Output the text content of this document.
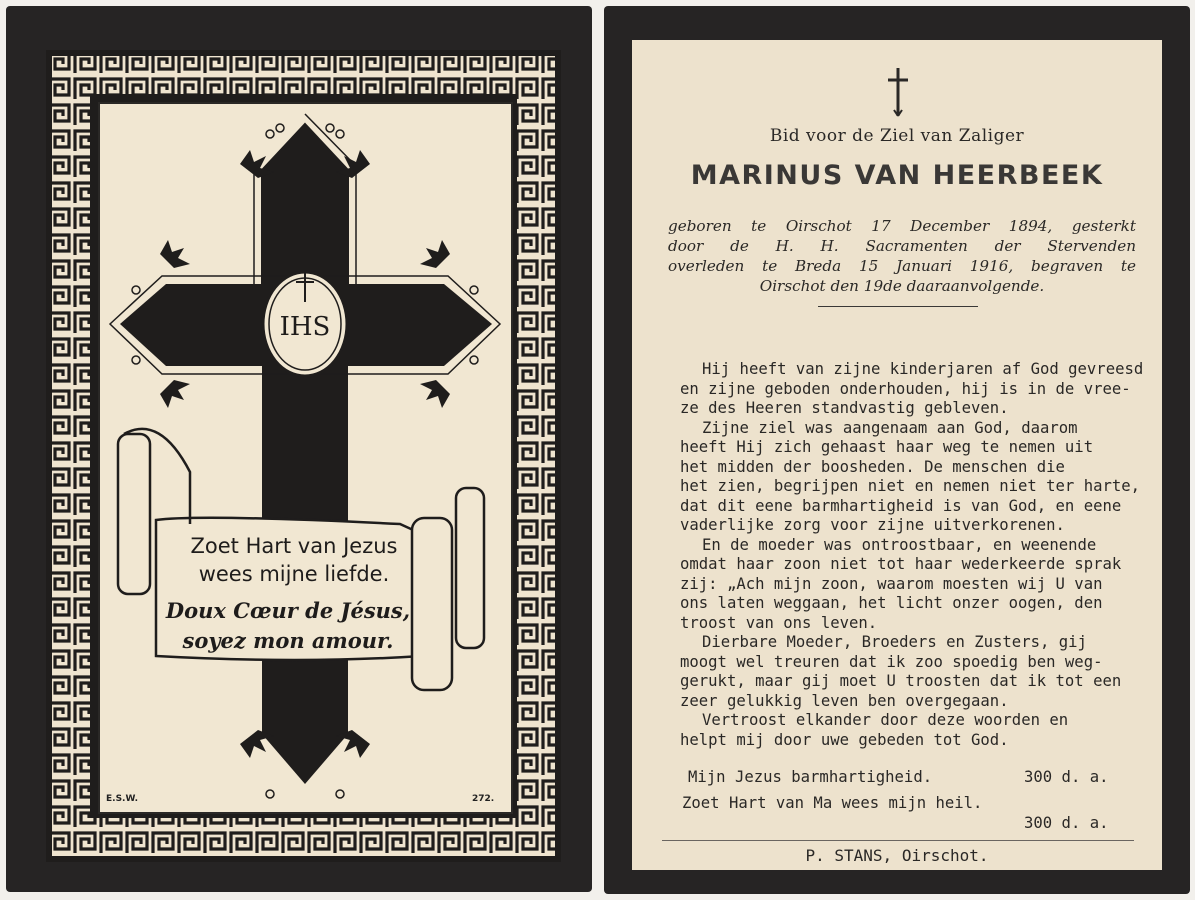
Zoet Hart van Jezus
wees mijne liefde.
Doux Cœur de Jésus,
soyez mon amour.
IHS
E.S.W.	272.
Bid voor de Ziel van Zaliger
MARINUS VAN HEERBEEK
geboren te Oirschot 17 December 1894, gesterkt
door de H. H. Sacramenten der Stervenden
overleden te Breda 15 Januari 1916, begraven te
Oirschot den 19de daaraanvolgende.
Hij heeft van zijne kinderjaren af God gevreesd
en zijne geboden onderhouden, hij is in de vree-
ze des Heeren standvastig gebleven.
Zijne ziel was aangenaam aan God, daarom
heeft Hij zich gehaast haar weg te nemen uit
het midden der boosheden. De menschen die
het zien, begrijpen niet en nemen niet ter harte,
dat dit eene barmhartigheid is van God, en eene
vaderlijke zorg voor zijne uitverkorenen.
En de moeder was ontroostbaar, en weenende
omdat haar zoon niet tot haar wederkeerde sprak
zij: „Ach mijn zoon, waarom moesten wij U van
ons laten weggaan, het licht onzer oogen, den
troost van ons leven.
Dierbare Moeder, Broeders en Zusters, gij
moogt wel treuren dat ik zoo spoedig ben weg-
gerukt, maar gij moet U troosten dat ik tot een
zeer gelukkig leven ben overgegaan.
Vertroost elkander door deze woorden en
helpt mij door uwe gebeden tot God.
Mijn Jezus barmhartigheid.	300 d. a.
Zoet Hart van Ma wees mijn heil.
300 d. a.
P. STANS, Oirschot.
